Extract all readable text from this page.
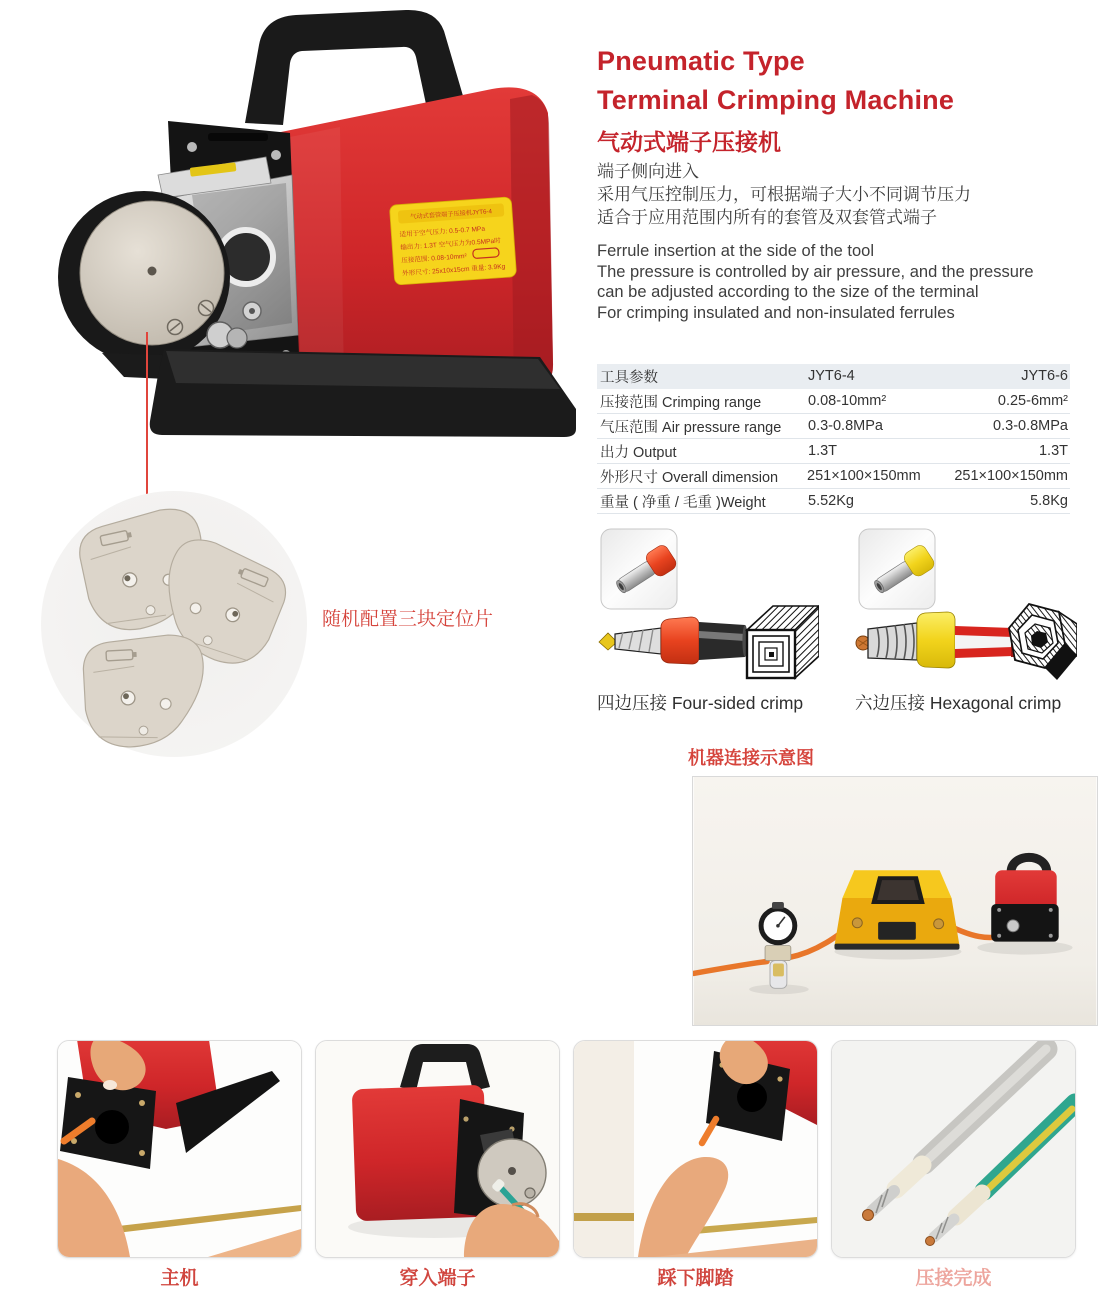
气动式套管端子压接机JYT6-4
适用于空气压力: 0.5-0.7 MPa
输出力: 1.3T 空气压力为0.5MPa时
压接范围: 0.08-10mm²
外形尺寸: 25x10x15cm 重量: 3.9Kg
随机配置三块定位片
Pneumatic Type
Terminal Crimping Machine
气动式端子压接机
端子侧向进入
采用气压控制压力，可根据端子大小不同调节压力
适合于应用范围内所有的套管及双套管式端子
Ferrule insertion at the side of the tool
The pressure is controlled by air pressure, and the pressure
can be adjusted according to the size of the terminal
For crimping insulated and non-insulated ferrules
工具参数	JYT6-4	JYT6-6
压接范围 Crimping range	0.08-10mm²	0.25-6mm²
气压范围 Air pressure range	0.3-0.8MPa	0.3-0.8MPa
出力 Output	1.3T	1.3T
外形尺寸 Overall dimension	251×100×150mm	251×100×150mm
重量 ( 净重 / 毛重 )Weight	5.52Kg	5.8Kg
四边压接 Four-sided crimp	六边压接 Hexagonal crimp
机器连接示意图
主机	穿入端子	踩下脚踏	压接完成
